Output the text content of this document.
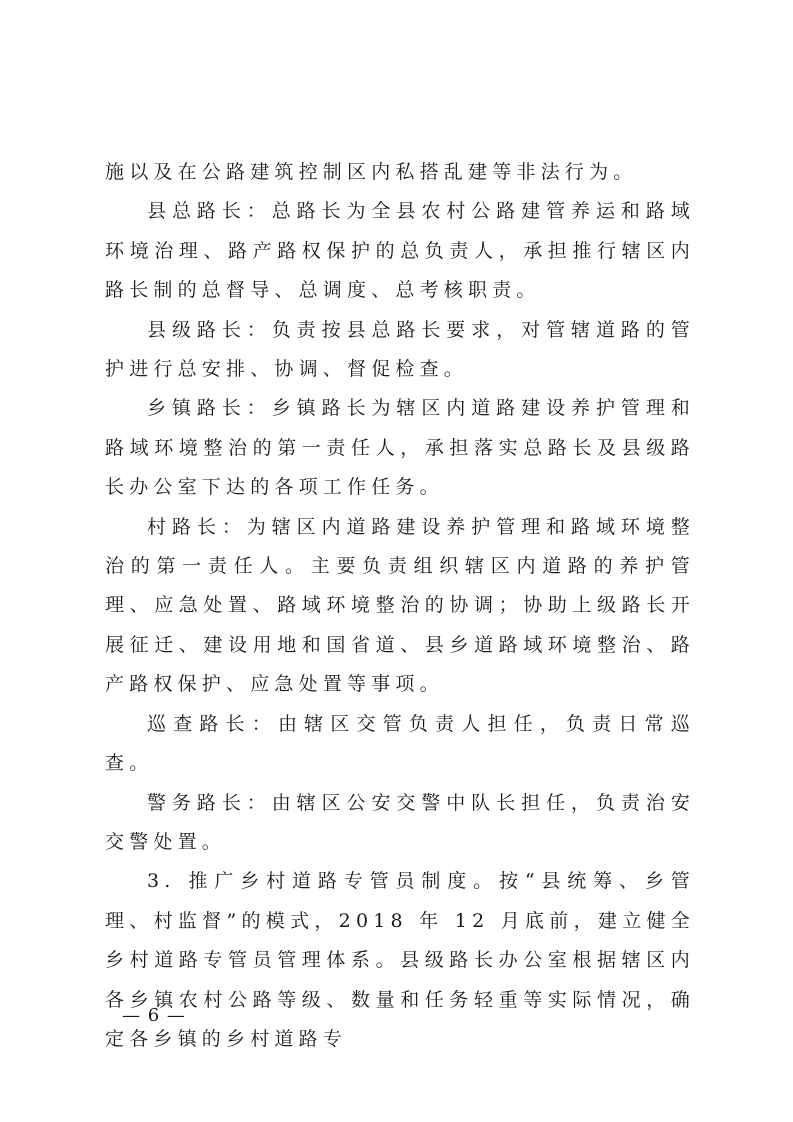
施以及在公路建筑控制区内私搭乱建等非法行为。

县总路长：总路长为全县农村公路建管养运和路域环境治理、路产路权保护的总负责人，承担推行辖区内路长制的总督导、总调度、总考核职责。

县级路长：负责按县总路长要求，对管辖道路的管护进行总安排、协调、督促检查。

乡镇路长：乡镇路长为辖区内道路建设养护管理和路域环境整治的第一责任人，承担落实总路长及县级路长办公室下达的各项工作任务。

村路长：为辖区内道路建设养护管理和路域环境整治的第一责任人。主要负责组织辖区内道路的养护管理、应急处置、路域环境整治的协调；协助上级路长开展征迁、建设用地和国省道、县乡道路域环境整治、路产路权保护、应急处置等事项。

巡查路长：由辖区交管负责人担任，负责日常巡查。

警务路长：由辖区公安交警中队长担任，负责治安交警处置。

3. 推广乡村道路专管员制度。按“县统筹、乡管理、村监督”的模式，2018 年 12 月底前，建立健全乡村道路专管员管理体系。县级路长办公室根据辖区内各乡镇农村公路等级、数量和任务轻重等实际情况，确定各乡镇的乡村道路专

— 6 —
